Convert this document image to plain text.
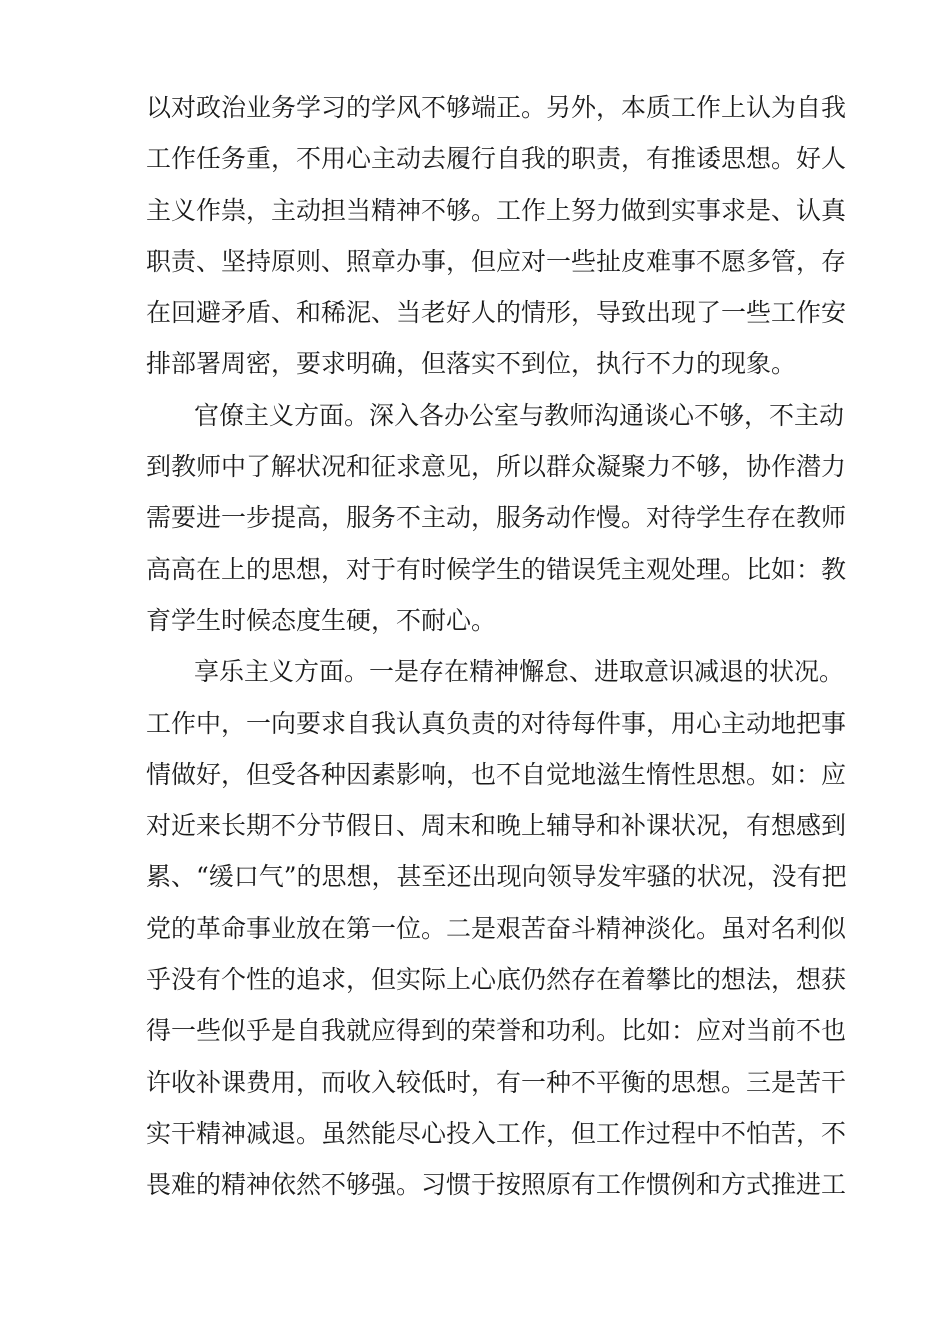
以对政治业务学习的学风不够端正。另外，本质工作上认为自我
工作任务重，不用心主动去履行自我的职责，有推诿思想。好人
主义作祟，主动担当精神不够。工作上努力做到实事求是、认真
职责、坚持原则、照章办事，但应对一些扯皮难事不愿多管，存
在回避矛盾、和稀泥、当老好人的情形，导致出现了一些工作安
排部署周密，要求明确，但落实不到位，执行不力的现象。
官僚主义方面。深入各办公室与教师沟通谈心不够，不主动
到教师中了解状况和征求意见，所以群众凝聚力不够，协作潜力
需要进一步提高，服务不主动，服务动作慢。对待学生存在教师
高高在上的思想，对于有时候学生的错误凭主观处理。比如：教
育学生时候态度生硬，不耐心。
享乐主义方面。一是存在精神懈怠、进取意识减退的状况。
工作中，一向要求自我认真负责的对待每件事，用心主动地把事
情做好，但受各种因素影响，也不自觉地滋生惰性思想。如：应
对近来长期不分节假日、周末和晚上辅导和补课状况，有想感到
累、“缓口气”的思想，甚至还出现向领导发牢骚的状况，没有把
党的革命事业放在第一位。二是艰苦奋斗精神淡化。虽对名利似
乎没有个性的追求，但实际上心底仍然存在着攀比的想法，想获
得一些似乎是自我就应得到的荣誉和功利。比如：应对当前不也
许收补课费用，而收入较低时，有一种不平衡的思想。三是苦干
实干精神减退。虽然能尽心投入工作，但工作过程中不怕苦，不
畏难的精神依然不够强。习惯于按照原有工作惯例和方式推进工
